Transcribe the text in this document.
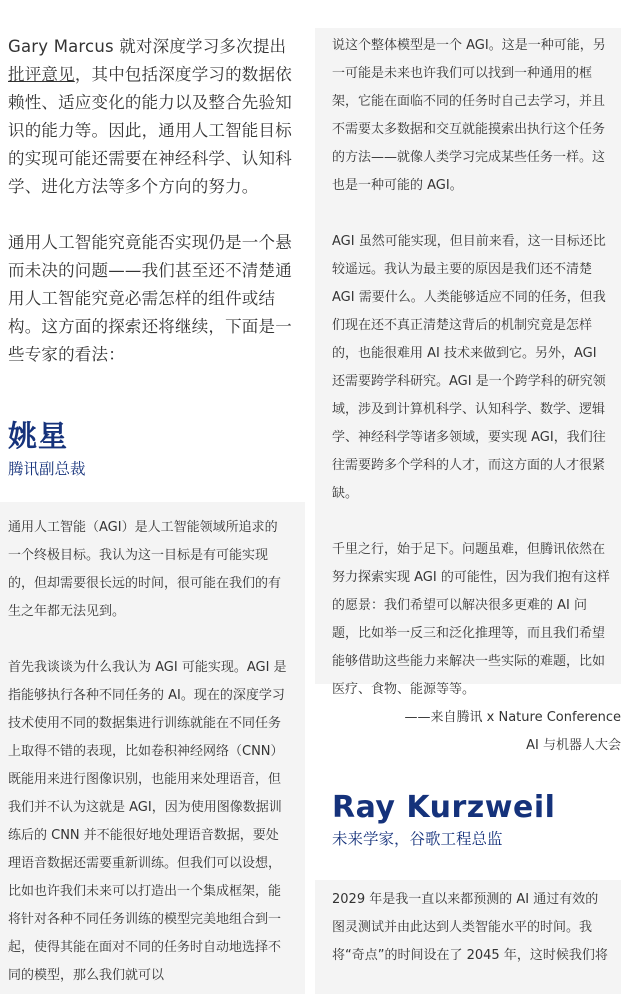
Gary Marcus 就对深度学习多次提出批评意见，其中包括深度学习的数据依赖性、适应变化的能力以及整合先验知识的能力等。因此，通用人工智能目标的实现可能还需要在神经科学、认知科学、进化方法等多个方向的努力。

通用人工智能究竟能否实现仍是一个悬而未决的问题——我们甚至还不清楚通用人工智能究竟必需怎样的组件或结构。这方面的探索还将继续，下面是一些专家的看法：

姚星
腾讯副总裁

通用人工智能（AGI）是人工智能领域所追求的一个终极目标。我认为这一目标是有可能实现的，但却需要很长远的时间，很可能在我们的有生之年都无法见到。

首先我谈谈为什么我认为 AGI 可能实现。AGI 是指能够执行各种不同任务的 AI。现在的深度学习技术使用不同的数据集进行训练就能在不同任务上取得不错的表现，比如卷积神经网络（CNN）既能用来进行图像识别，也能用来处理语音，但我们并不认为这就是 AGI，因为使用图像数据训练后的 CNN 并不能很好地处理语音数据，要处理语音数据还需要重新训练。但我们可以设想，比如也许我们未来可以打造出一个集成框架，能将针对各种不同任务训练的模型完美地组合到一起，使得其能在面对不同的任务时自动地选择不同的模型，那么我们就可以

说这个整体模型是一个 AGI。这是一种可能，另一可能是未来也许我们可以找到一种通用的框架，它能在面临不同的任务时自己去学习，并且不需要太多数据和交互就能摸索出执行这个任务的方法——就像人类学习完成某些任务一样。这也是一种可能的 AGI。

AGI 虽然可能实现，但目前来看，这一目标还比较遥远。我认为最主要的原因是我们还不清楚 AGI 需要什么。人类能够适应不同的任务，但我们现在还不真正清楚这背后的机制究竟是怎样的，也能很难用 AI 技术来做到它。另外，AGI 还需要跨学科研究。AGI 是一个跨学科的研究领域，涉及到计算机科学、认知科学、数学、逻辑学、神经科学等诸多领域，要实现 AGI，我们往往需要跨多个学科的人才，而这方面的人才很紧缺。

千里之行，始于足下。问题虽难，但腾讯依然在努力探索实现 AGI 的可能性，因为我们抱有这样的愿景：我们希望可以解决很多更难的 AI 问题，比如举一反三和泛化推理等，而且我们希望能够借助这些能力来解决一些实际的难题，比如医疗、食物、能源等等。

——来自腾讯 x Nature Conference
AI 与机器人大会
Ray Kurzweil
未来学家，谷歌工程总监

2029 年是我一直以来都预测的 AI 通过有效的图灵测试并由此达到人类智能水平的时间。我将“奇点”的时间设在了 2045 年，这时候我们将
